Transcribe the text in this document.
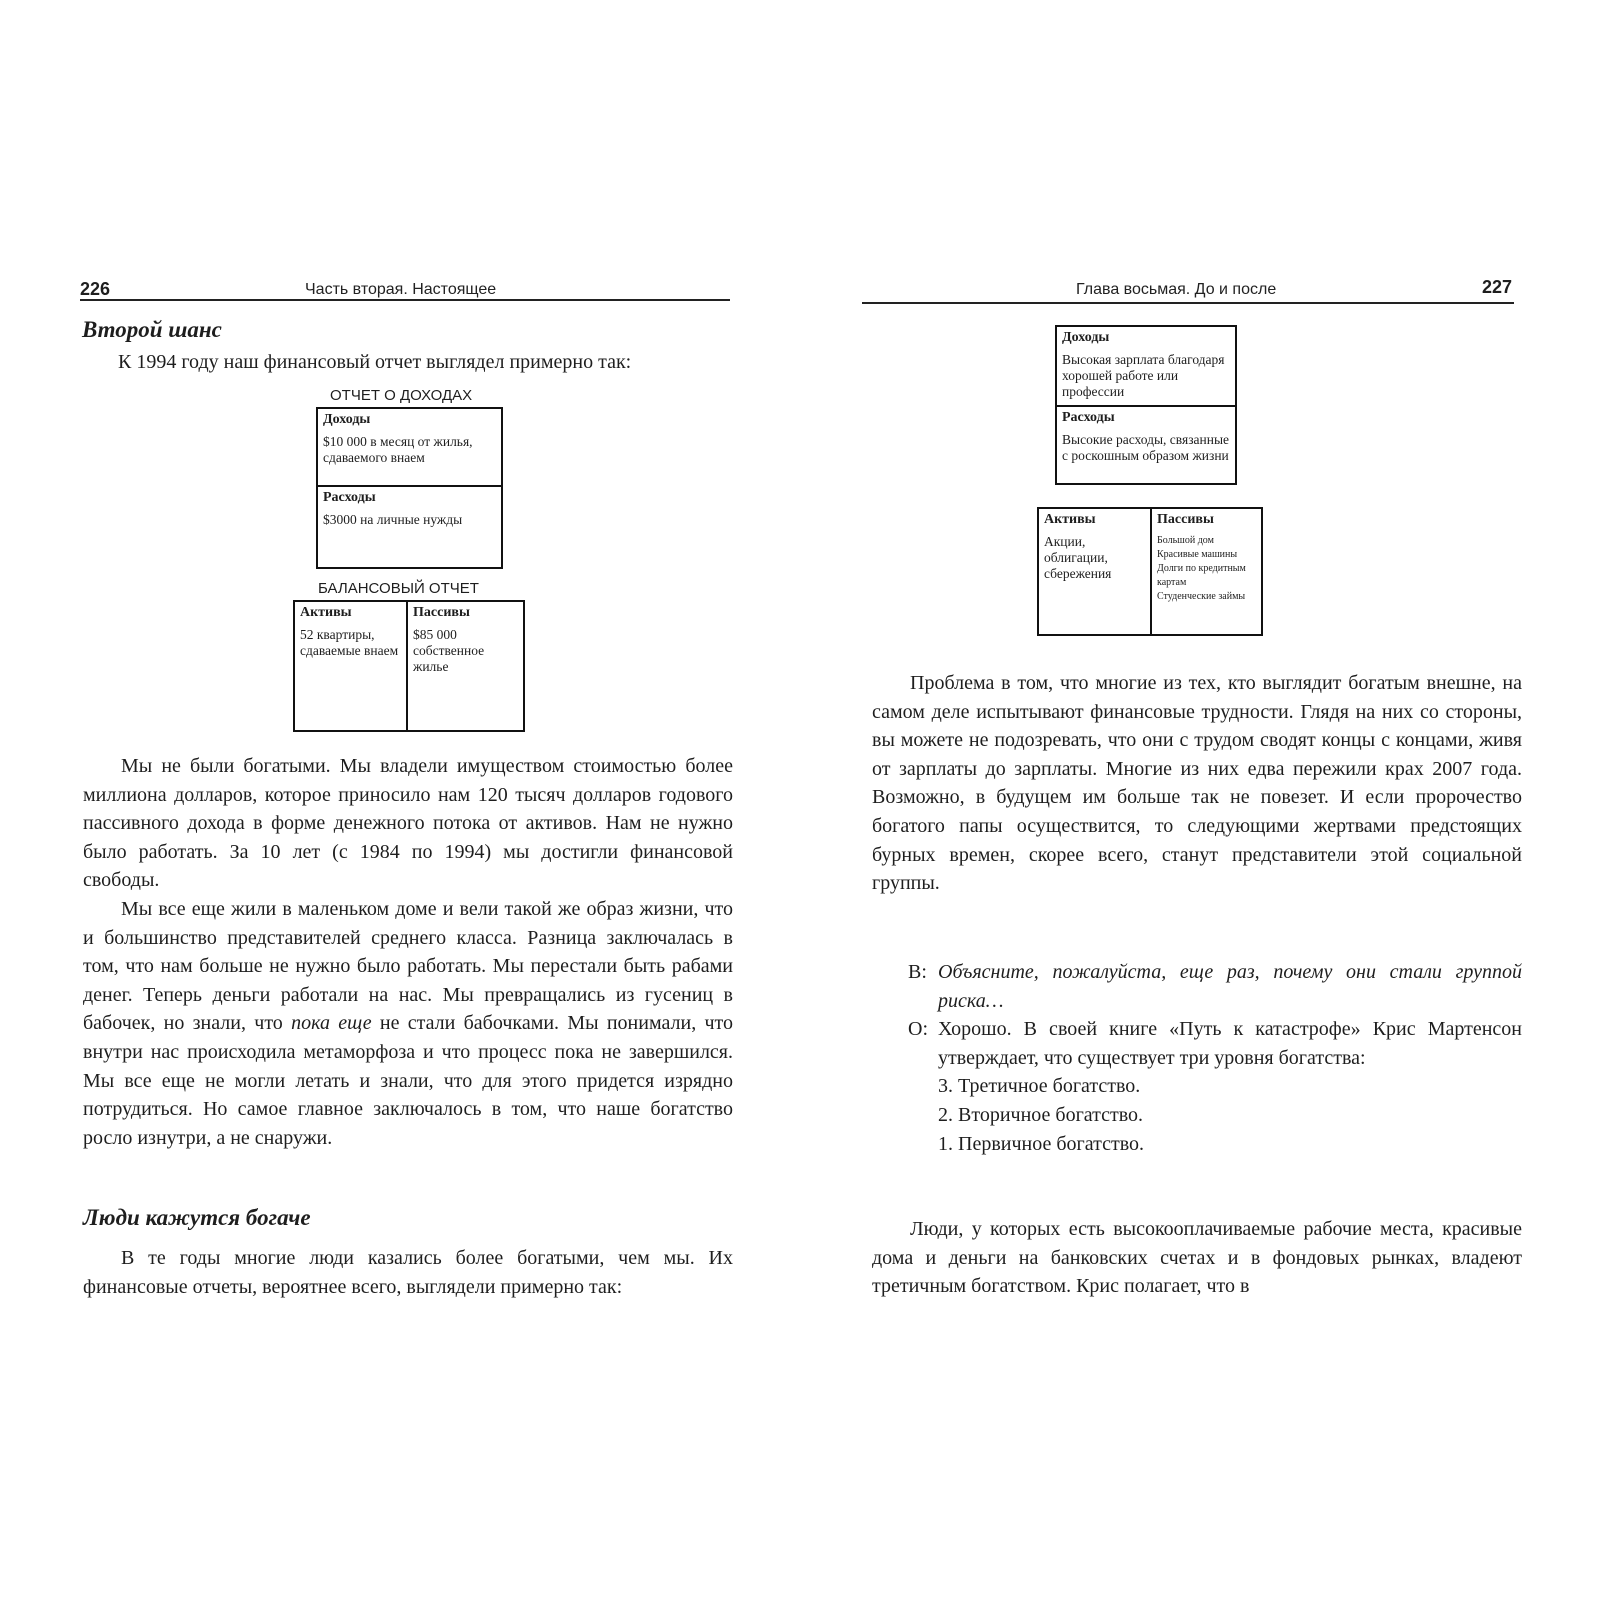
226	Часть вторая. Настоящее
Второй шанс
К 1994 году наш финансовый отчет выглядел примерно так:
ОТЧЕТ О ДОХОДАХ
Доходы
$10 000 в месяц от жилья, сдаваемого внаем
Расходы
$3000 на личные нужды
БАЛАНСОВЫЙ ОТЧЕТ
Активы
52 квартиры, сдаваемые внаем
Пассивы
$85 000 собственное жилье

Мы не были богатыми. Мы владели имуществом стоимостью более миллиона долларов, которое приносило нам 120 тысяч долларов годового пассивного дохода в форме денежного потока от активов. Нам не нужно было работать. За 10 лет (с 1984 по 1994) мы достигли финансовой свободы.

Мы все еще жили в маленьком доме и вели такой же образ жизни, что и большинство представителей среднего класса. Разница заключалась в том, что нам больше не нужно было работать. Мы перестали быть рабами денег. Теперь деньги работали на нас. Мы превращались из гусениц в бабочек, но знали, что пока еще не стали бабочками. Мы понимали, что внутри нас происходила метаморфоза и что процесс пока не завершился. Мы все еще не могли летать и знали, что для этого придется изрядно потрудиться. Но самое главное заключалось в том, что наше богатство росло изнутри, а не снаружи.

Люди кажутся богаче

В те годы многие люди казались более богатыми, чем мы. Их финансовые отчеты, вероятнее всего, выглядели примерно так:

Глава восьмая. До и после	227
Доходы
Высокая зарплата благодаря хорошей работе или профессии
Расходы
Высокие расходы, связанные с роскошным образом жизни
Активы
Акции, облигации, сбережения
Пассивы
Большой дом
Красивые машины
Долги по кредитным картам
Студенческие займы

Проблема в том, что многие из тех, кто выглядит богатым внешне, на самом деле испытывают финансовые трудности. Глядя на них со стороны, вы можете не подозревать, что они с трудом сводят концы с концами, живя от зарплаты до зарплаты. Многие из них едва пережили крах 2007 года. Возможно, в будущем им больше так не повезет. И если пророчество богатого папы осуществится, то следующими жертвами предстоящих бурных времен, скорее всего, станут представители этой социальной группы.

В: Объясните, пожалуйста, еще раз, почему они стали группой риска…
О: Хорошо. В своей книге «Путь к катастрофе» Крис Мартенсон утверждает, что существует три уровня богатства:
3. Третичное богатство.
2. Вторичное богатство.
1. Первичное богатство.

Люди, у которых есть высокооплачиваемые рабочие места, красивые дома и деньги на банковских счетах и в фондовых рынках, владеют третичным богатством. Крис полагает, что в
